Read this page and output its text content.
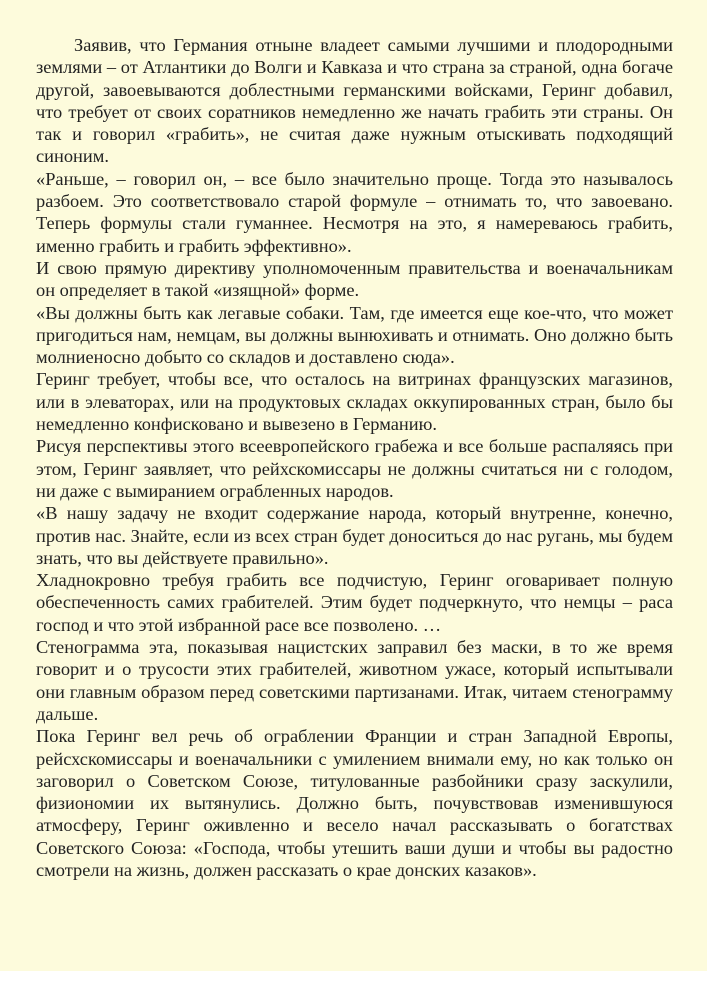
Заявив, что Германия отныне владеет самыми лучшими и плодородными землями – от Атлантики до Волги и Кавказа и что страна за страной, одна богаче другой, завоевываются доблестными германскими войсками, Геринг добавил, что требует от своих соратников немедленно же начать грабить эти страны. Он так и говорил «грабить», не считая даже нужным отыскивать подходящий синоним.

«Раньше, – говорил он, – все было значительно проще. Тогда это называлось разбоем. Это соответствовало старой формуле – отнимать то, что завоевано. Теперь формулы стали гуманнее. Несмотря на это, я намереваюсь грабить, именно грабить и грабить эффективно».

И свою прямую директиву уполномоченным правительства и военачальникам он определяет в такой «изящной» форме.

«Вы должны быть как легавые собаки. Там, где имеется еще кое-что, что может пригодиться нам, немцам, вы должны вынюхивать и отнимать. Оно должно быть молниеносно добыто со складов и доставлено сюда».

Геринг требует, чтобы все, что осталось на витринах французских магазинов, или в элеваторах, или на продуктовых складах оккупированных стран, было бы немедленно конфисковано и вывезено в Германию.

Рисуя перспективы этого всеевропейского грабежа и все больше распаляясь при этом, Геринг заявляет, что рейхскомиссары не должны считаться ни с голодом, ни даже с вымиранием ограбленных народов.

«В нашу задачу не входит содержание народа, который внутренне, конечно, против нас. Знайте, если из всех стран будет доноситься до нас ругань, мы будем знать, что вы действуете правильно».

Хладнокровно требуя грабить все подчистую, Геринг оговаривает полную обеспеченность самих грабителей. Этим будет подчеркнуто, что немцы – раса господ и что этой избранной расе все позволено. …

Стенограмма эта, показывая нацистских заправил без маски, в то же время говорит и о трусости этих грабителей, животном ужасе, который испытывали они главным образом перед советскими партизанами. Итак, читаем стенограмму дальше.

Пока Геринг вел речь об ограблении Франции и стран Западной Европы, рейсхскомиссары и военачальники с умилением внимали ему, но как только он заговорил о Советском Союзе, титулованные разбойники сразу заскулили, физиономии их вытянулись. Должно быть, почувствовав изменившуюся атмосферу, Геринг оживленно и весело начал рассказывать о богатствах Советского Союза: «Господа, чтобы утешить ваши души и чтобы вы радостно смотрели на жизнь, должен рассказать о крае донских казаков».
